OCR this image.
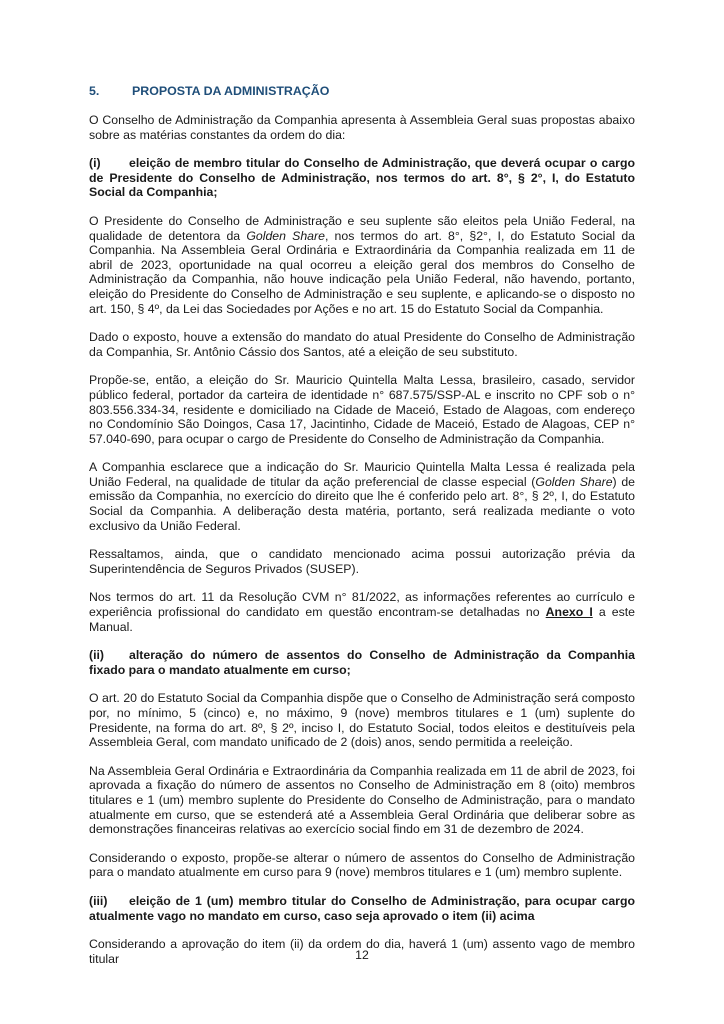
5.	PROPOSTA DA ADMINISTRAÇÃO

O Conselho de Administração da Companhia apresenta à Assembleia Geral suas propostas abaixo sobre as matérias constantes da ordem do dia:

(i) eleição de membro titular do Conselho de Administração, que deverá ocupar o cargo de Presidente do Conselho de Administração, nos termos do art. 8°, § 2°, I, do Estatuto Social da Companhia;

O Presidente do Conselho de Administração e seu suplente são eleitos pela União Federal, na qualidade de detentora da Golden Share, nos termos do art. 8°, §2°, I, do Estatuto Social da Companhia. Na Assembleia Geral Ordinária e Extraordinária da Companhia realizada em 11 de abril de 2023, oportunidade na qual ocorreu a eleição geral dos membros do Conselho de Administração da Companhia, não houve indicação pela União Federal, não havendo, portanto, eleição do Presidente do Conselho de Administração e seu suplente, e aplicando-se o disposto no art. 150, § 4º, da Lei das Sociedades por Ações e no art. 15 do Estatuto Social da Companhia.

Dado o exposto, houve a extensão do mandato do atual Presidente do Conselho de Administração da Companhia, Sr. Antônio Cássio dos Santos, até a eleição de seu substituto.

Propõe-se, então, a eleição do Sr. Mauricio Quintella Malta Lessa, brasileiro, casado, servidor público federal, portador da carteira de identidade n° 687.575/SSP-AL e inscrito no CPF sob o n° 803.556.334-34, residente e domiciliado na Cidade de Maceió, Estado de Alagoas, com endereço no Condomínio São Doingos, Casa 17, Jacintinho, Cidade de Maceió, Estado de Alagoas, CEP n° 57.040-690, para ocupar o cargo de Presidente do Conselho de Administração da Companhia.

A Companhia esclarece que a indicação do Sr. Mauricio Quintella Malta Lessa é realizada pela União Federal, na qualidade de titular da ação preferencial de classe especial (Golden Share) de emissão da Companhia, no exercício do direito que lhe é conferido pelo art. 8°, § 2º, I, do Estatuto Social da Companhia. A deliberação desta matéria, portanto, será realizada mediante o voto exclusivo da União Federal.

Ressaltamos, ainda, que o candidato mencionado acima possui autorização prévia da Superintendência de Seguros Privados (SUSEP).

Nos termos do art. 11 da Resolução CVM n° 81/2022, as informações referentes ao currículo e experiência profissional do candidato em questão encontram-se detalhadas no Anexo I a este Manual.

(ii) alteração do número de assentos do Conselho de Administração da Companhia fixado para o mandato atualmente em curso;

O art. 20 do Estatuto Social da Companhia dispõe que o Conselho de Administração será composto por, no mínimo, 5 (cinco) e, no máximo, 9 (nove) membros titulares e 1 (um) suplente do Presidente, na forma do art. 8º, § 2º, inciso I, do Estatuto Social, todos eleitos e destituíveis pela Assembleia Geral, com mandato unificado de 2 (dois) anos, sendo permitida a reeleição.

Na Assembleia Geral Ordinária e Extraordinária da Companhia realizada em 11 de abril de 2023, foi aprovada a fixação do número de assentos no Conselho de Administração em 8 (oito) membros titulares e 1 (um) membro suplente do Presidente do Conselho de Administração, para o mandato atualmente em curso, que se estenderá até a Assembleia Geral Ordinária que deliberar sobre as demonstrações financeiras relativas ao exercício social findo em 31 de dezembro de 2024.

Considerando o exposto, propõe-se alterar o número de assentos do Conselho de Administração para o mandato atualmente em curso para 9 (nove) membros titulares e 1 (um) membro suplente.

(iii) eleição de 1 (um) membro titular do Conselho de Administração, para ocupar cargo atualmente vago no mandato em curso, caso seja aprovado o item (ii) acima

Considerando a aprovação do item (ii) da ordem do dia, haverá 1 (um) assento vago de membro titular	12
